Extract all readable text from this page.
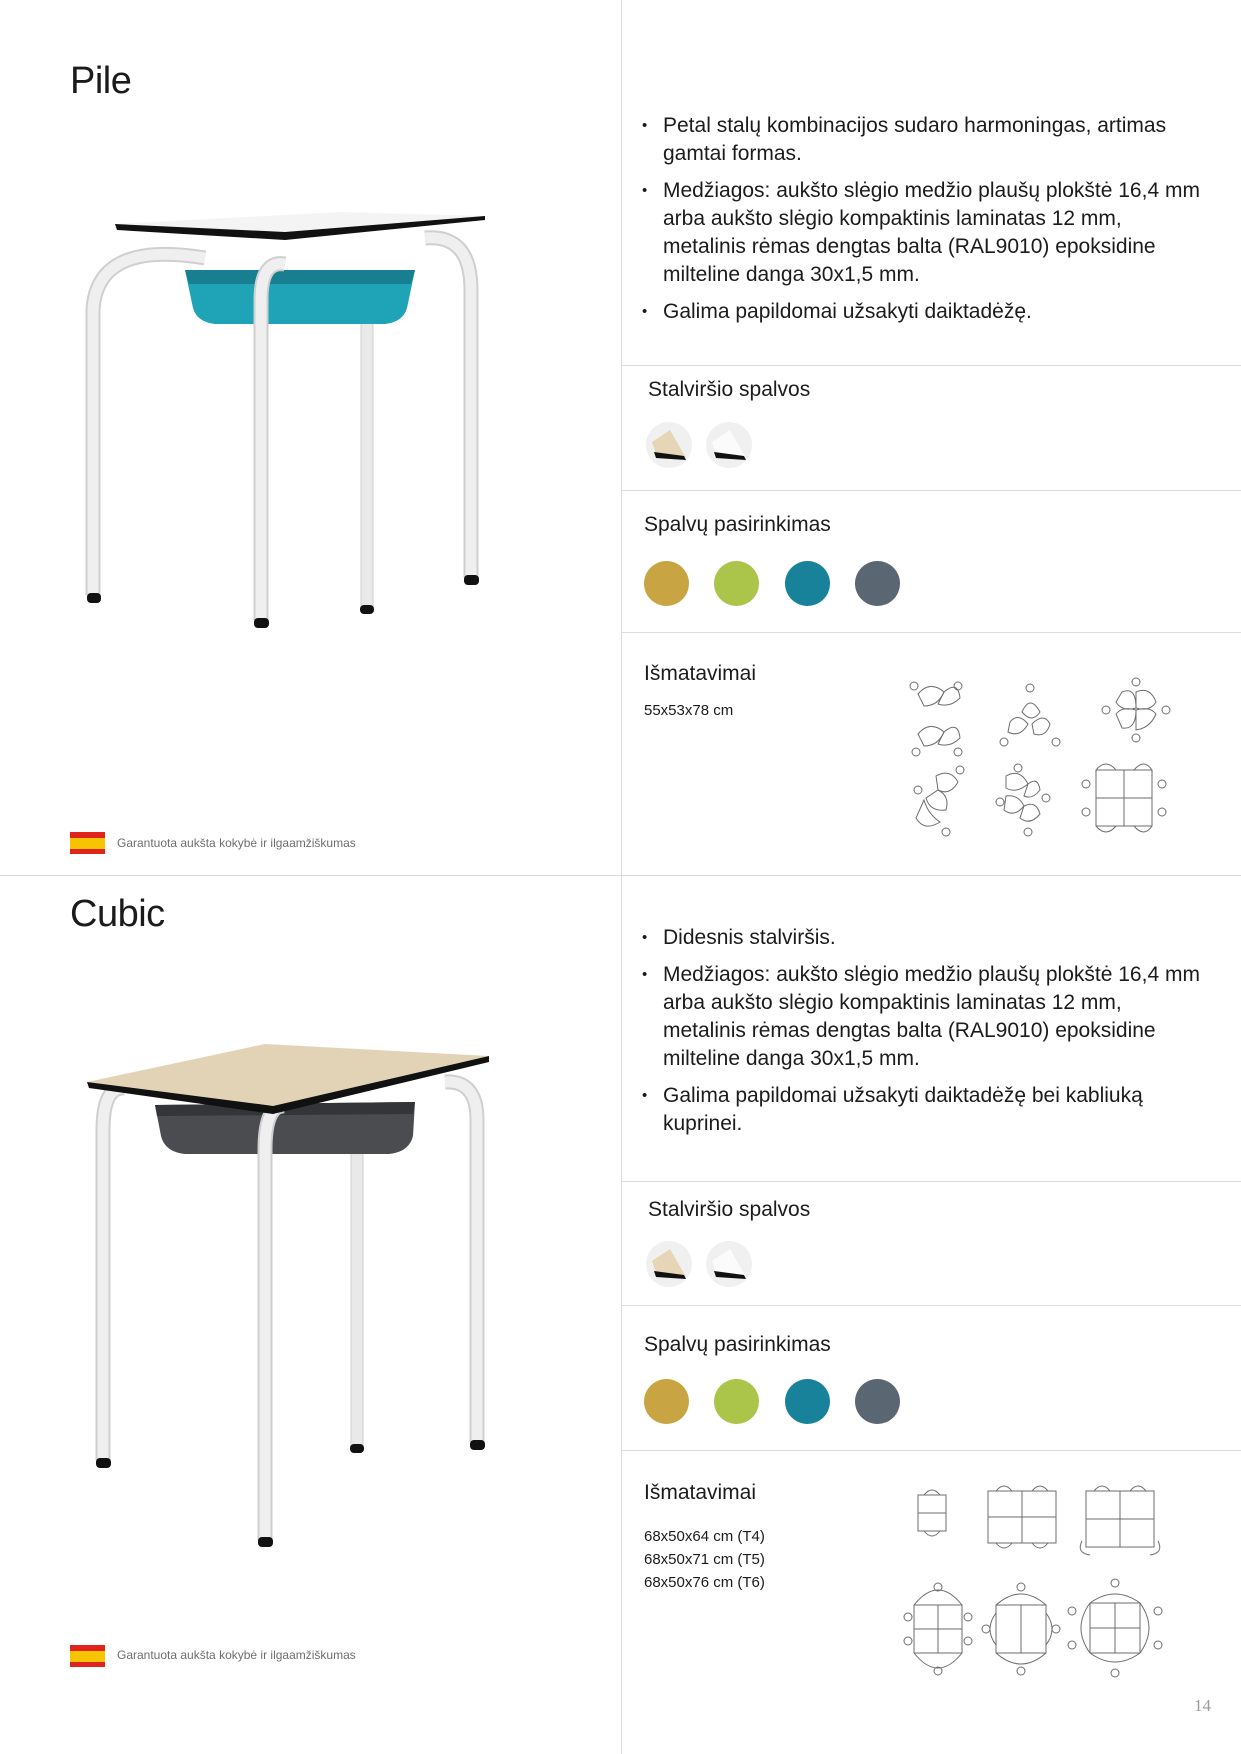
Pile
• Petal stalų kombinacijos sudaro harmoningas, artimas gamtai formas.
• Medžiagos: aukšto slėgio medžio plaušų plokštė 16,4 mm arba aukšto slėgio kompaktinis laminatas 12 mm, metalinis rėmas dengtas balta (RAL9010) epoksidine milteline danga 30x1,5 mm.
• Galima papildomai užsakyti daiktadėžę.
Stalviršio spalvos
Spalvų pasirinkimas
Išmatavimai
55x53x78 cm
Garantuota aukšta kokybė ir ilgaamžiškumas
Cubic
• Didesnis stalviršis.
• Medžiagos: aukšto slėgio medžio plaušų plokštė 16,4 mm arba aukšto slėgio kompaktinis laminatas 12 mm, metalinis rėmas dengtas balta (RAL9010) epoksidine milteline danga 30x1,5 mm.
• Galima papildomai užsakyti daiktadėžę bei kabliuką kuprinei.
Stalviršio spalvos
Spalvų pasirinkimas
Išmatavimai
68x50x64 cm (T4)
68x50x71 cm (T5)
68x50x76 cm (T6)
Garantuota aukšta kokybė ir ilgaamžiškumas
14
